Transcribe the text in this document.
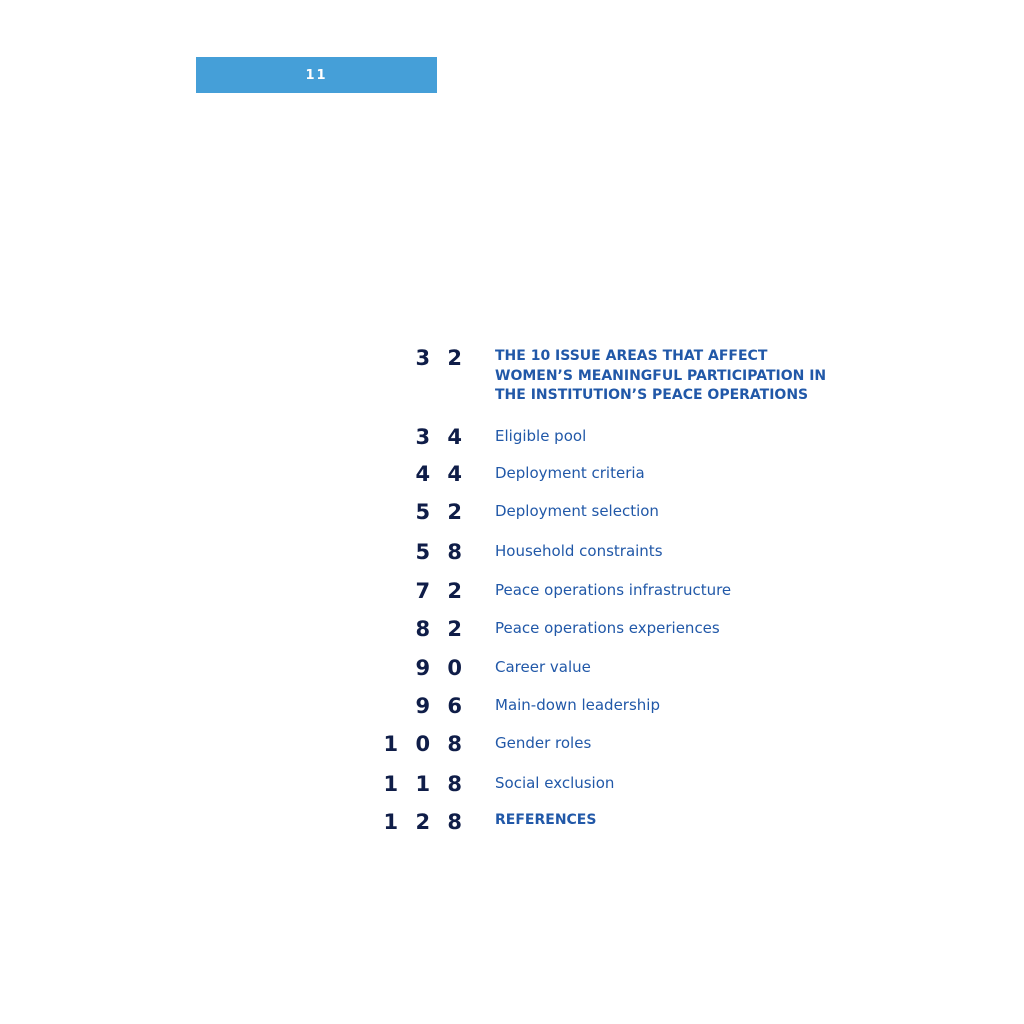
11
3 2 THE 10 ISSUE AREAS THAT AFFECT WOMEN’S MEANINGFUL PARTICIPATION IN THE INSTITUTION’S PEACE OPERATIONS
3 4 Eligible pool
4 4 Deployment criteria
5 2 Deployment selection
5 8 Household constraints
7 2 Peace operations infrastructure
8 2 Peace operations experiences
9 0 Career value
9 6 Main-down leadership
1 0 8 Gender roles
1 1 8 Social exclusion
1 2 8 REFERENCES
